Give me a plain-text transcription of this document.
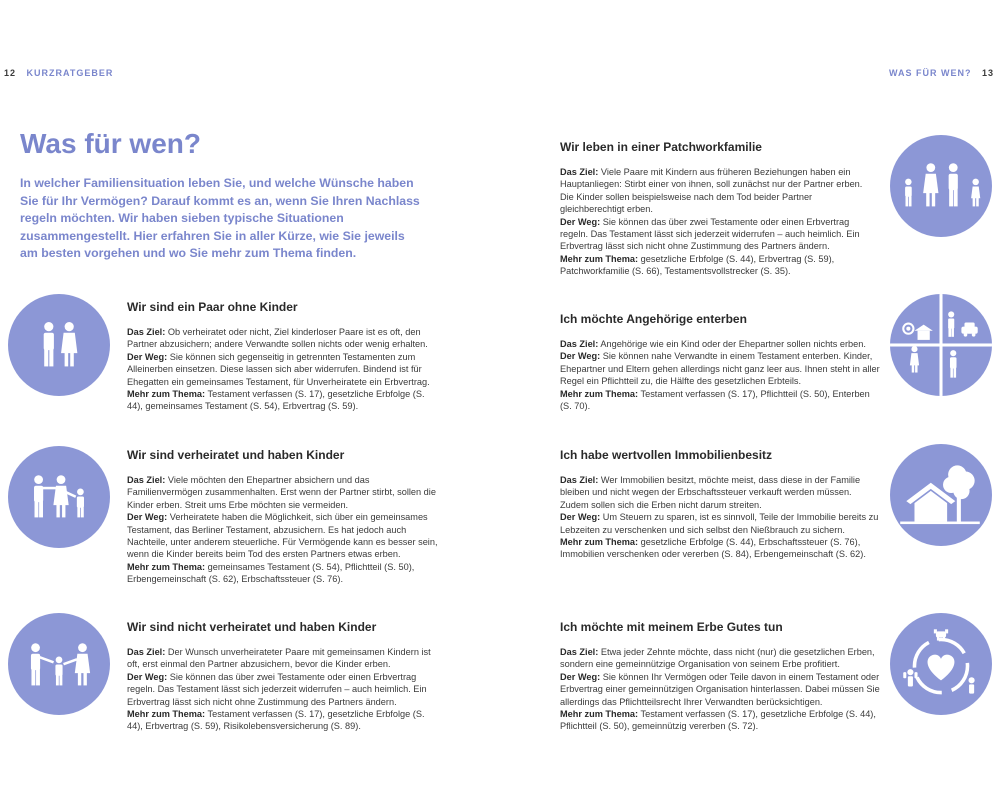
12 KURZRATGEBER	WAS FÜR WEN? 13
Was für wen?

In welcher Familiensituation leben Sie, und welche Wünsche haben Sie für Ihr Vermögen? Darauf kommt es an, wenn Sie Ihren Nachlass regeln möchten. Wir haben sieben typische Situationen zusammengestellt. Hier erfahren Sie in aller Kürze, wie Sie jeweils am besten vorgehen und wo Sie mehr zum Thema finden.

Wir sind ein Paar ohne Kinder

Das Ziel: Ob verheiratet oder nicht, Ziel kinderloser Paare ist es oft, den Partner abzusichern; andere Verwandte sollen nichts oder wenig erhalten.
Der Weg: Sie können sich gegenseitig in getrennten Testamenten zum Alleinerben einsetzen. Diese lassen sich aber widerrufen. Bindend ist für Ehegatten ein gemeinsames Testament, für Unverheiratete ein Erbvertrag.
Mehr zum Thema: Testament verfassen (S. 17), gesetzliche Erbfolge (S. 44), gemeinsames Testament (S. 54), Erbvertrag (S. 59).

Wir sind verheiratet und haben Kinder

Das Ziel: Viele möchten den Ehepartner absichern und das Familienvermögen zusammenhalten. Erst wenn der Partner stirbt, sollen die Kinder erben. Streit ums Erbe möchten sie vermeiden.
Der Weg: Verheiratete haben die Möglichkeit, sich über ein gemeinsames Testament, das Berliner Testament, abzusichern. Es hat jedoch auch Nachteile, unter anderem steuerliche. Für Vermögende kann es besser sein, wenn die Kinder bereits beim Tod des ersten Partners etwas erben.
Mehr zum Thema: gemeinsames Testament (S. 54), Pflichtteil (S. 50), Erbengemeinschaft (S. 62), Erbschaftssteuer (S. 76).

Wir sind nicht verheiratet und haben Kinder

Das Ziel: Der Wunsch unverheirateter Paare mit gemeinsamen Kindern ist oft, erst einmal den Partner abzusichern, bevor die Kinder erben.
Der Weg: Sie können das über zwei Testamente oder einen Erbvertrag regeln. Das Testament lässt sich jederzeit widerrufen – auch heimlich. Ein Erbvertrag lässt sich nicht ohne Zustimmung des Partners ändern.
Mehr zum Thema: Testament verfassen (S. 17), gesetzliche Erbfolge (S. 44), Erbvertrag (S. 59), Risikolebensversicherung (S. 89).

Wir leben in einer Patchworkfamilie

Das Ziel: Viele Paare mit Kindern aus früheren Beziehungen haben ein Hauptanliegen: Stirbt einer von ihnen, soll zunächst nur der Partner erben. Die Kinder sollen beispielsweise nach dem Tod beider Partner gleichberechtigt erben.
Der Weg: Sie können das über zwei Testamente oder einen Erbvertrag regeln. Das Testament lässt sich jederzeit widerrufen – auch heimlich. Ein Erbvertrag lässt sich nicht ohne Zustimmung des Partners ändern.
Mehr zum Thema: gesetzliche Erbfolge (S. 44), Erbvertrag (S. 59), Patchworkfamilie (S. 66), Testamentsvollstrecker (S. 35).

Ich möchte Angehörige enterben

Das Ziel: Angehörige wie ein Kind oder der Ehepartner sollen nichts erben.
Der Weg: Sie können nahe Verwandte in einem Testament enterben. Kinder, Ehepartner und Eltern gehen allerdings nicht ganz leer aus. Ihnen steht in aller Regel ein Pflichtteil zu, die Hälfte des gesetzlichen Erbteils.
Mehr zum Thema: Testament verfassen (S. 17), Pflichtteil (S. 50), Enterben (S. 70).

Ich habe wertvollen Immobilienbesitz

Das Ziel: Wer Immobilien besitzt, möchte meist, dass diese in der Familie bleiben und nicht wegen der Erbschaftssteuer verkauft werden müssen. Zudem sollen sich die Erben nicht darum streiten.
Der Weg: Um Steuern zu sparen, ist es sinnvoll, Teile der Immobilie bereits zu Lebzeiten zu verschenken und sich selbst den Nießbrauch zu sichern.
Mehr zum Thema: gesetzliche Erbfolge (S. 44), Erbschaftssteuer (S. 76), Immobilien verschenken oder vererben (S. 84), Erbengemeinschaft (S. 62).

Ich möchte mit meinem Erbe Gutes tun

Das Ziel: Etwa jeder Zehnte möchte, dass nicht (nur) die gesetzlichen Erben, sondern eine gemeinnützige Organisation von seinem Erbe profitiert.
Der Weg: Sie können Ihr Vermögen oder Teile davon in einem Testament oder Erbvertrag einer gemeinnützigen Organisation hinterlassen. Dabei müssen Sie allerdings das Pflichtteilsrecht Ihrer Verwandten berücksichtigen.
Mehr zum Thema: Testament verfassen (S. 17), gesetzliche Erbfolge (S. 44), Pflichtteil (S. 50), gemeinnützig vererben (S. 72).
